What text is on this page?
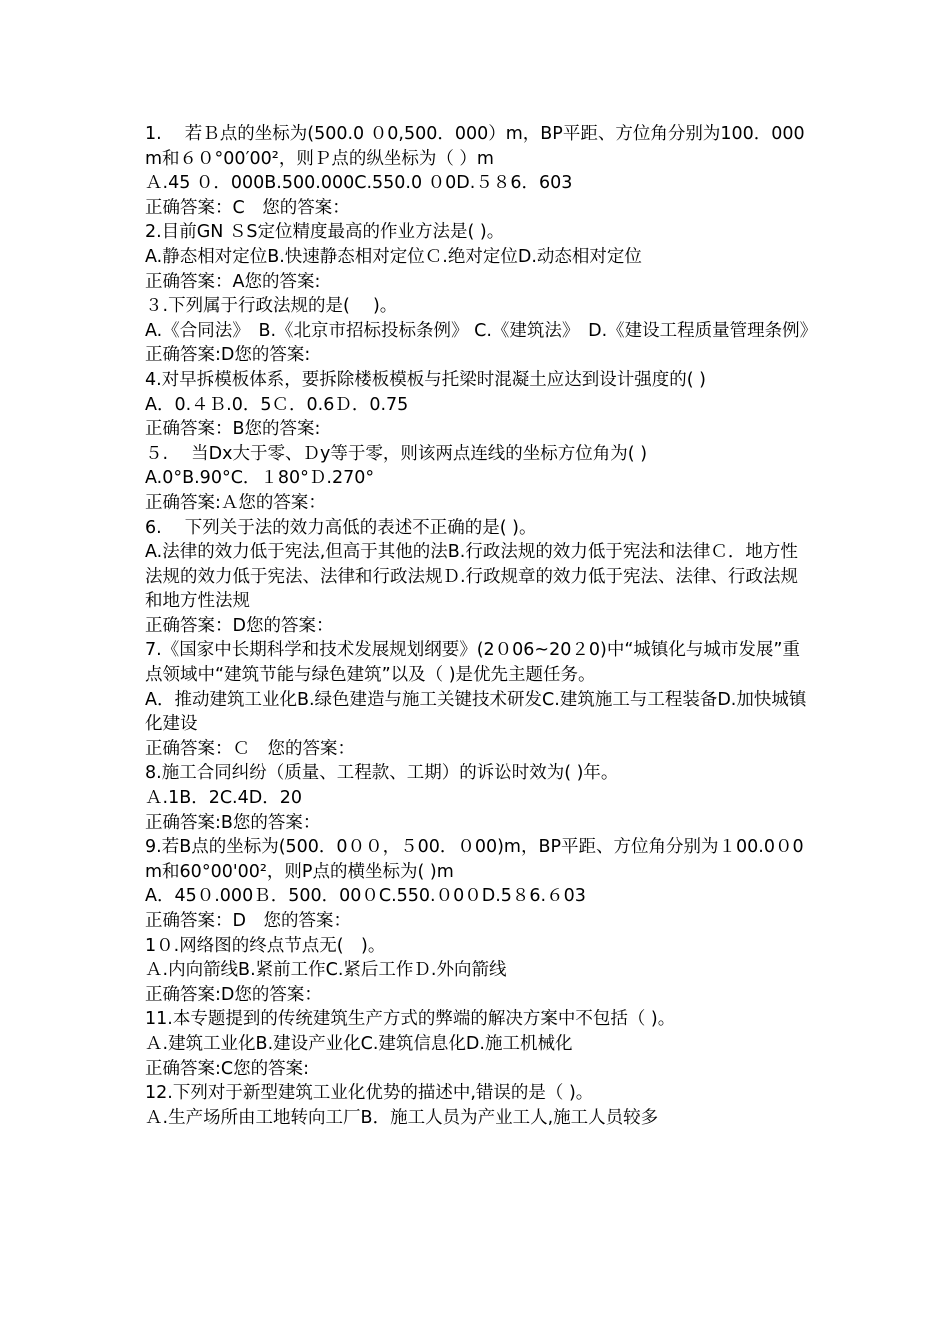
1.　 若Ｂ点的坐标为(500.0 ０0,500．000）m，BP平距、方位角分别为100．000m和６０°00′00²，则Ｐ点的纵坐标为（ ）m

Ａ.45 ０．000B.500.000C.550.0 ０0D.５８6．603

正确答案：C　您的答案：

2.目前GN ＳS定位精度最高的作业方法是( )。

A.静态相对定位B.快速静态相对定位Ｃ.绝对定位D.动态相对定位

正确答案：A您的答案:

３.下列属于行政法规的是(　 )。

A.《合同法》　B.《北京市招标投标条例》 C.《建筑法》　D.《建设工程质量管理条例》

正确答案:D您的答案:

4.对早拆模板体系，要拆除楼板模板与托梁时混凝土应达到设计强度的( )

A．0.４Ｂ.0．5Ｃ．0.6Ｄ．0.75

正确答案：B您的答案:

５.　 当Dx大于零、Ｄy等于零，则该两点连线的坐标方位角为( )

A.0°B.90°C．１80°Ｄ.270°

正确答案:Ａ您的答案：

6.　 下列关于法的效力高低的表述不正确的是( )。

A.法律的效力低于宪法,但高于其他的法B.行政法规的效力低于宪法和法律Ｃ．地方性法规的效力低于宪法、法律和行政法规Ｄ.行政规章的效力低于宪法、法律、行政法规和地方性法规

正确答案：D您的答案：

7.《国家中长期科学和技术发展规划纲要》(2０06~20２0)中“城镇化与城市发展”重点领域中“建筑节能与绿色建筑”以及（ )是优先主题任务。

A．推动建筑工业化B.绿色建造与施工关键技术研发C.建筑施工与工程装备D.加快城镇化建设

正确答案：Ｃ　您的答案：

8.施工合同纠纷（质量、工程款、工期）的诉讼时效为( )年。

Ａ.1B．2C.4D．20

正确答案:B您的答案：

9.若B点的坐标为(500．0００，５00．０00)m，BP平距、方位角分别为１00.0０0m和60°00'00²，则P点的横坐标为( )m

A．45０.000Ｂ．500．00０C.550.０0０D.5８6.６03

正确答案：D　您的答案：

1０.网络图的终点节点无(　)。

Ａ.内向箭线B.紧前工作C.紧后工作Ｄ.外向箭线

正确答案:D您的答案：

11.本专题提到的传统建筑生产方式的弊端的解决方案中不包括（ )。

Ａ.建筑工业化B.建设产业化C.建筑信息化D.施工机械化

正确答案:C您的答案:

12.下列对于新型建筑工业化优势的描述中,错误的是（ )。

Ａ.生产场所由工地转向工厂B．施工人员为产业工人,施工人员较多
